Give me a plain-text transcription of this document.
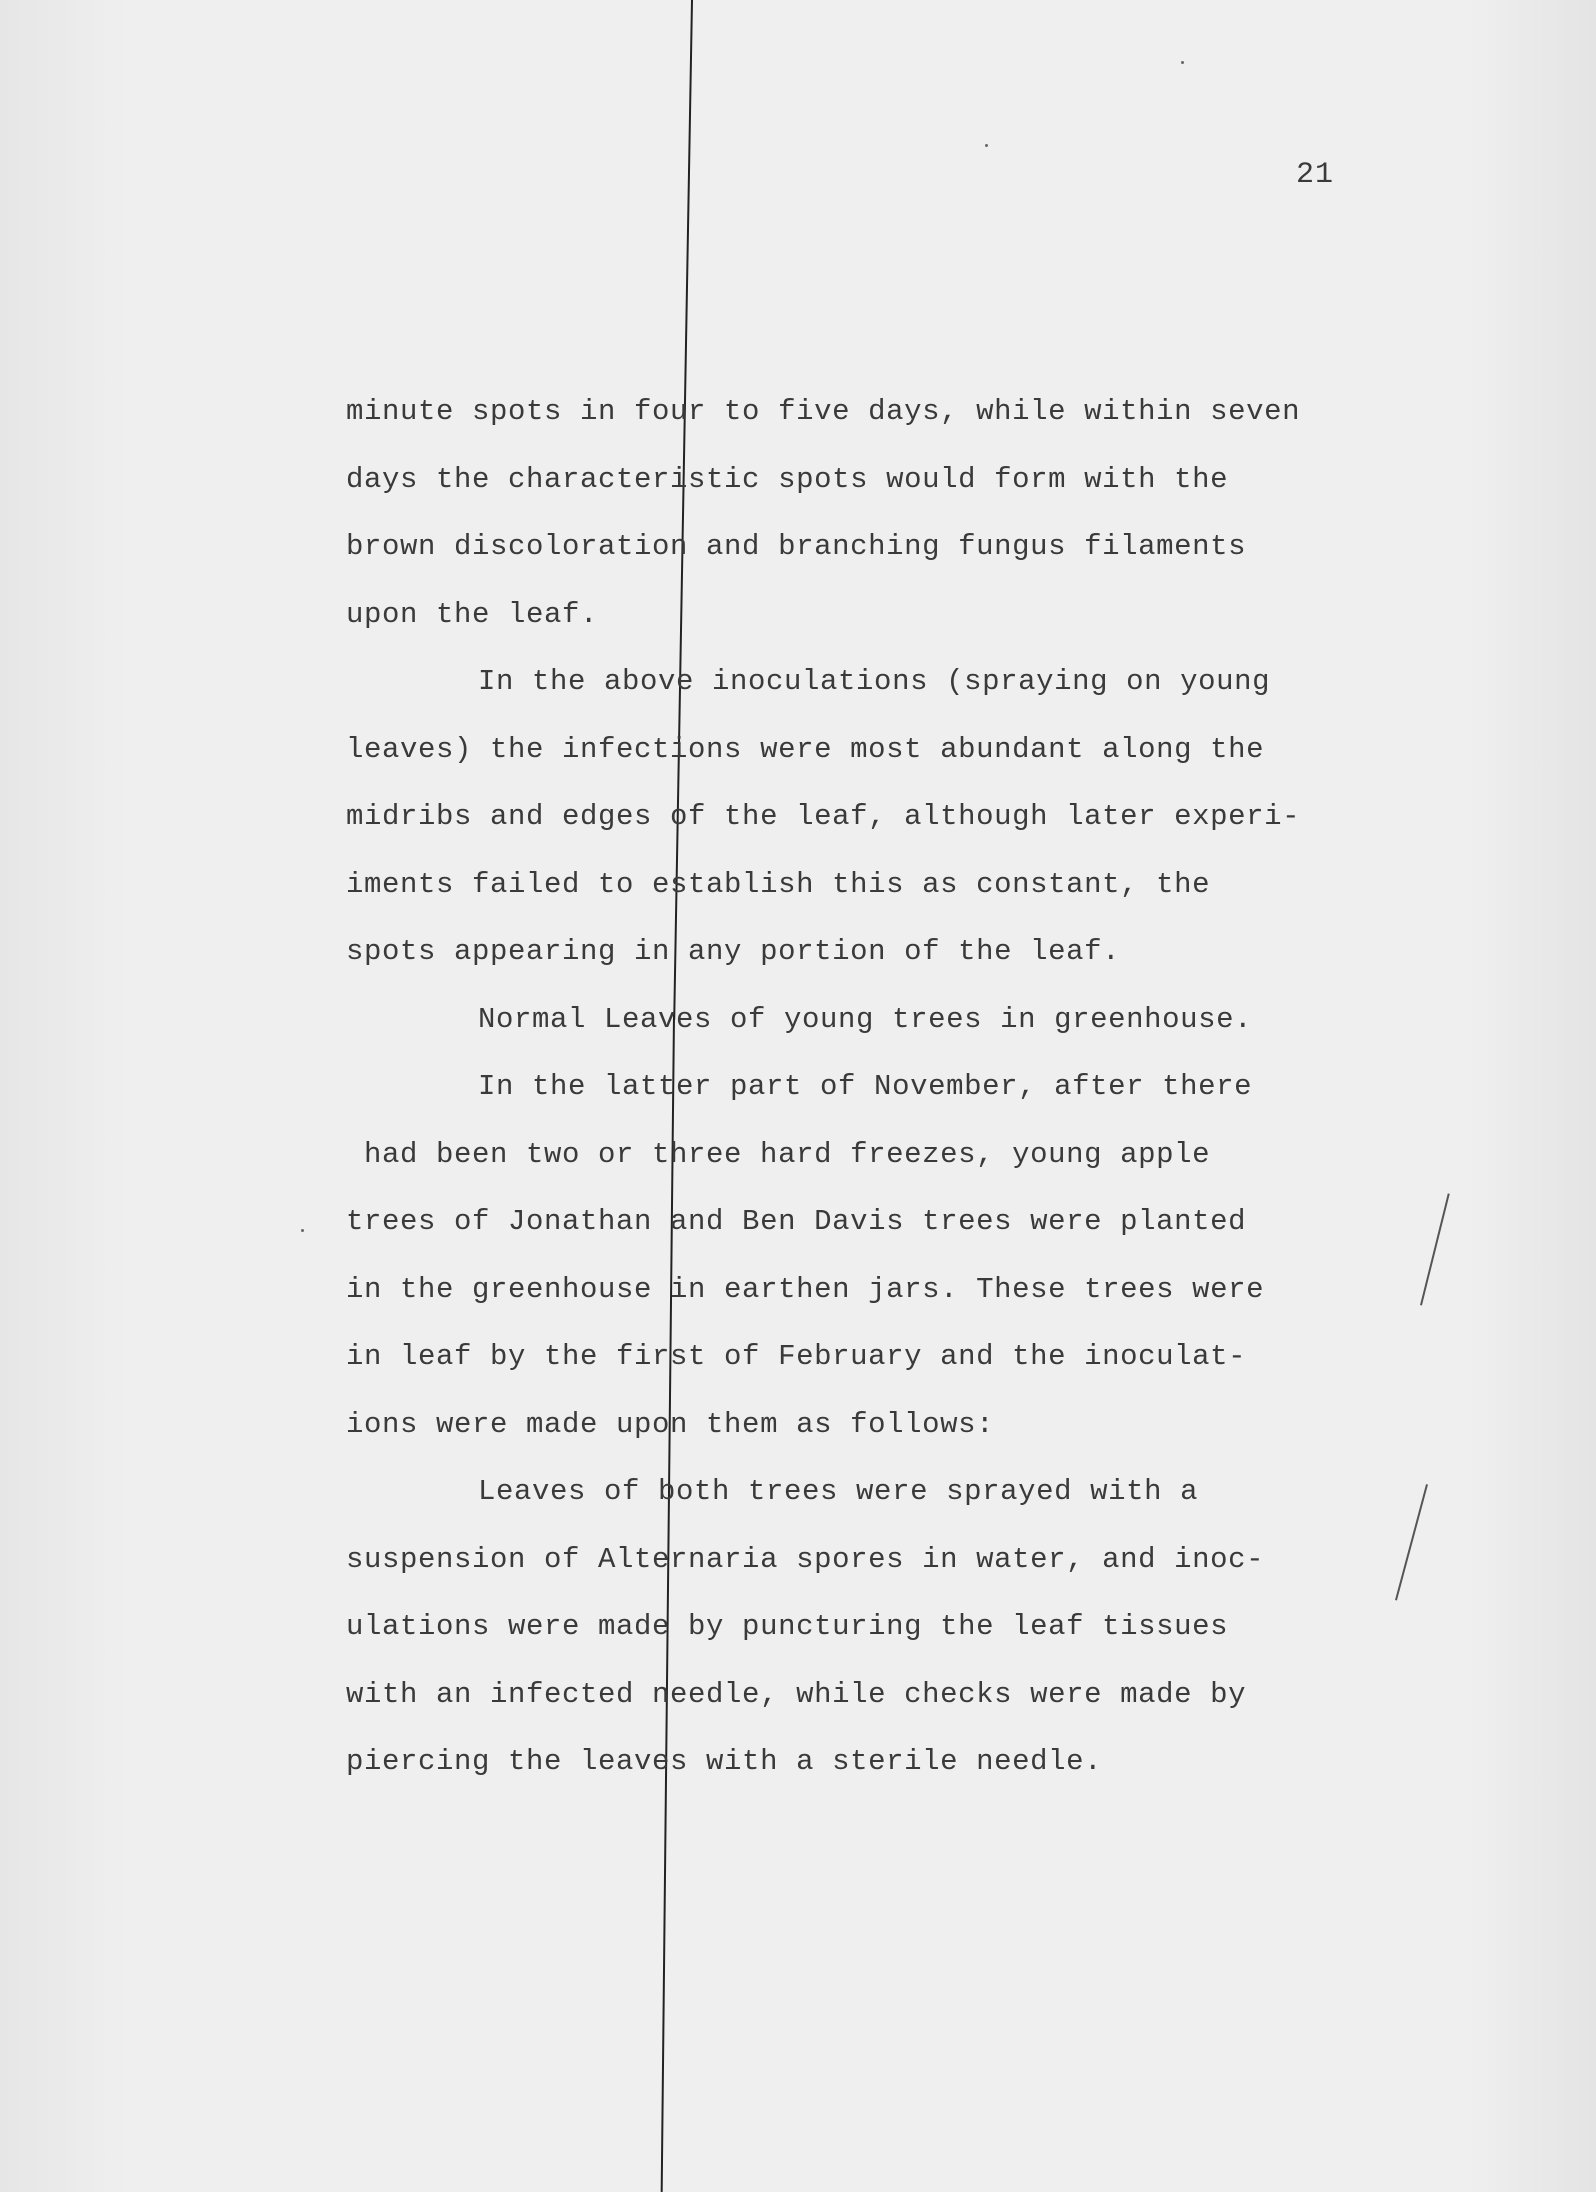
21
minute spots in four to five days, while within seven
days the characteristic spots would form with the
brown discoloration and branching fungus filaments
upon the leaf.
In the above inoculations (spraying on young
leaves) the infections were most abundant along the
midribs and edges of the leaf, although later experi-
iments failed to establish this as constant, the
spots appearing in any portion of the leaf.
Normal Leaves of young trees in greenhouse.
In the latter part of November, after there
had been two or three hard freezes, young apple
trees of Jonathan and Ben Davis trees were planted
in the greenhouse in earthen jars. These trees were
in leaf by the first of February and the inoculat-
ions were made upon them as follows:
Leaves of both trees were sprayed with a
suspension of Alternaria spores in water, and inoc-
ulations were made by puncturing the leaf tissues
with an infected needle, while checks were made by
piercing the leaves with a sterile needle.
